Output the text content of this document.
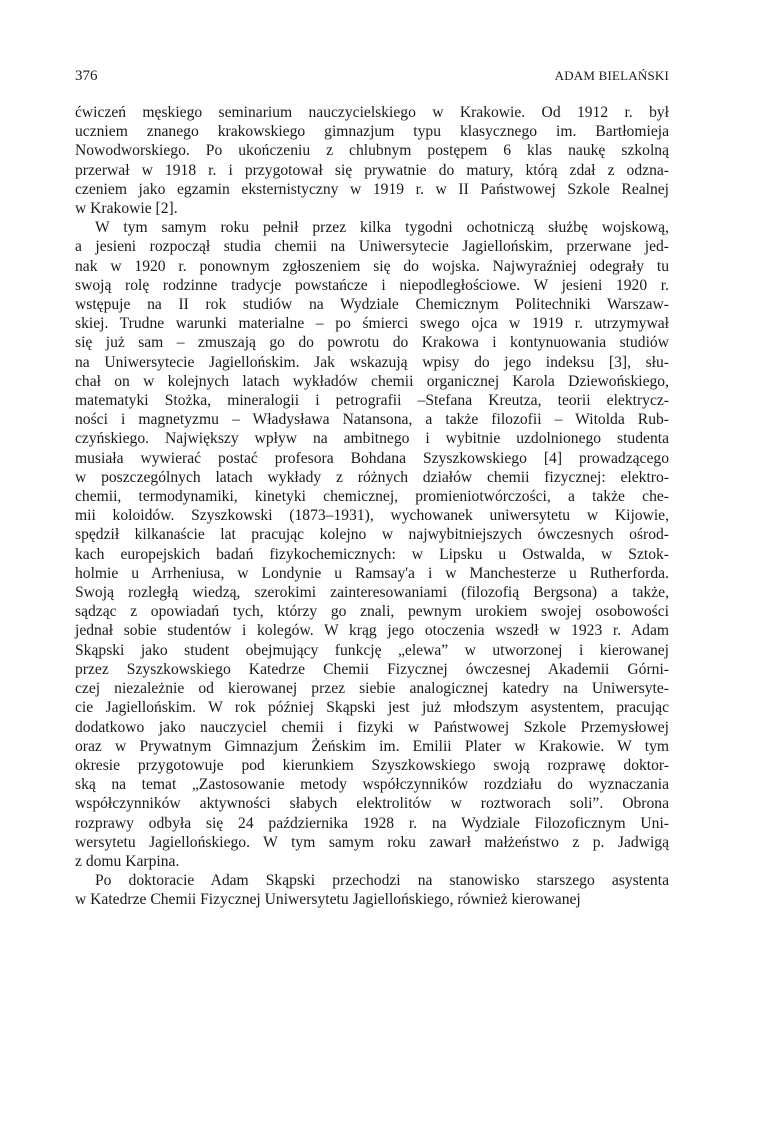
376	ADAM BIELAŃSKI

ćwiczeń męskiego seminarium nauczycielskiego w Krakowie. Od 1912 r. był
uczniem znanego krakowskiego gimnazjum typu klasycznego im. Bartłomieja
Nowodworskiego. Po ukończeniu z chlubnym postępem 6 klas naukę szkolną
przerwał w 1918 r. i przygotował się prywatnie do matury, którą zdał z odzna-
czeniem jako egzamin eksternistyczny w 1919 r. w II Państwowej Szkole Realnej
w Krakowie [2].

W tym samym roku pełnił przez kilka tygodni ochotniczą służbę wojskową,
a jesieni rozpoczął studia chemii na Uniwersytecie Jagiellońskim, przerwane jed-
nak w 1920 r. ponownym zgłoszeniem się do wojska. Najwyraźniej odegrały tu
swoją rolę rodzinne tradycje powstańcze i niepodległościowe. W jesieni 1920 r.
wstępuje na II rok studiów na Wydziale Chemicznym Politechniki Warszaw-
skiej. Trudne warunki materialne – po śmierci swego ojca w 1919 r. utrzymywał
się już sam – zmuszają go do powrotu do Krakowa i kontynuowania studiów
na Uniwersytecie Jagiellońskim. Jak wskazują wpisy do jego indeksu [3], słu-
chał on w kolejnych latach wykładów chemii organicznej Karola Dziewońskiego,
matematyki Stożka, mineralogii i petrografii –Stefana Kreutza, teorii elektrycz-
ności i magnetyzmu – Władysława Natansona, a także filozofii – Witolda Rub-
czyńskiego. Największy wpływ na ambitnego i wybitnie uzdolnionego studenta
musiała wywierać postać profesora Bohdana Szyszkowskiego [4] prowadzącego
w poszczególnych latach wykłady z różnych działów chemii fizycznej: elektro-
chemii, termodynamiki, kinetyki chemicznej, promieniotwórczości, a także che-
mii koloidów. Szyszkowski (1873–1931), wychowanek uniwersytetu w Kijowie,
spędził kilkanaście lat pracując kolejno w najwybitniejszych ówczesnych ośrod-
kach europejskich badań fizykochemicznych: w Lipsku u Ostwalda, w Sztok-
holmie u Arrheniusa, w Londynie u Ramsay'a i w Manchesterze u Rutherforda.
Swoją rozległą wiedzą, szerokimi zainteresowaniami (filozofią Bergsona) a także,
sądząc z opowiadań tych, którzy go znali, pewnym urokiem swojej osobowości
jednał sobie studentów i kolegów. W krąg jego otoczenia wszedł w 1923 r. Adam
Skąpski jako student obejmujący funkcję „elewa” w utworzonej i kierowanej
przez Szyszkowskiego Katedrze Chemii Fizycznej ówczesnej Akademii Górni-
czej niezależnie od kierowanej przez siebie analogicznej katedry na Uniwersyte-
cie Jagiellońskim. W rok później Skąpski jest już młodszym asystentem, pracując
dodatkowo jako nauczyciel chemii i fizyki w Państwowej Szkole Przemysłowej
oraz w Prywatnym Gimnazjum Żeńskim im. Emilii Plater w Krakowie. W tym
okresie przygotowuje pod kierunkiem Szyszkowskiego swoją rozprawę doktor-
ską na temat „Zastosowanie metody współczynników rozdziału do wyznaczania
współczynników aktywności słabych elektrolitów w roztworach soli”. Obrona
rozprawy odbyła się 24 października 1928 r. na Wydziale Filozoficznym Uni-
wersytetu Jagiellońskiego. W tym samym roku zawarł małżeństwo z p. Jadwigą
z domu Karpina.

Po doktoracie Adam Skąpski przechodzi na stanowisko starszego asystenta
w Katedrze Chemii Fizycznej Uniwersytetu Jagiellońskiego, również kierowanej
